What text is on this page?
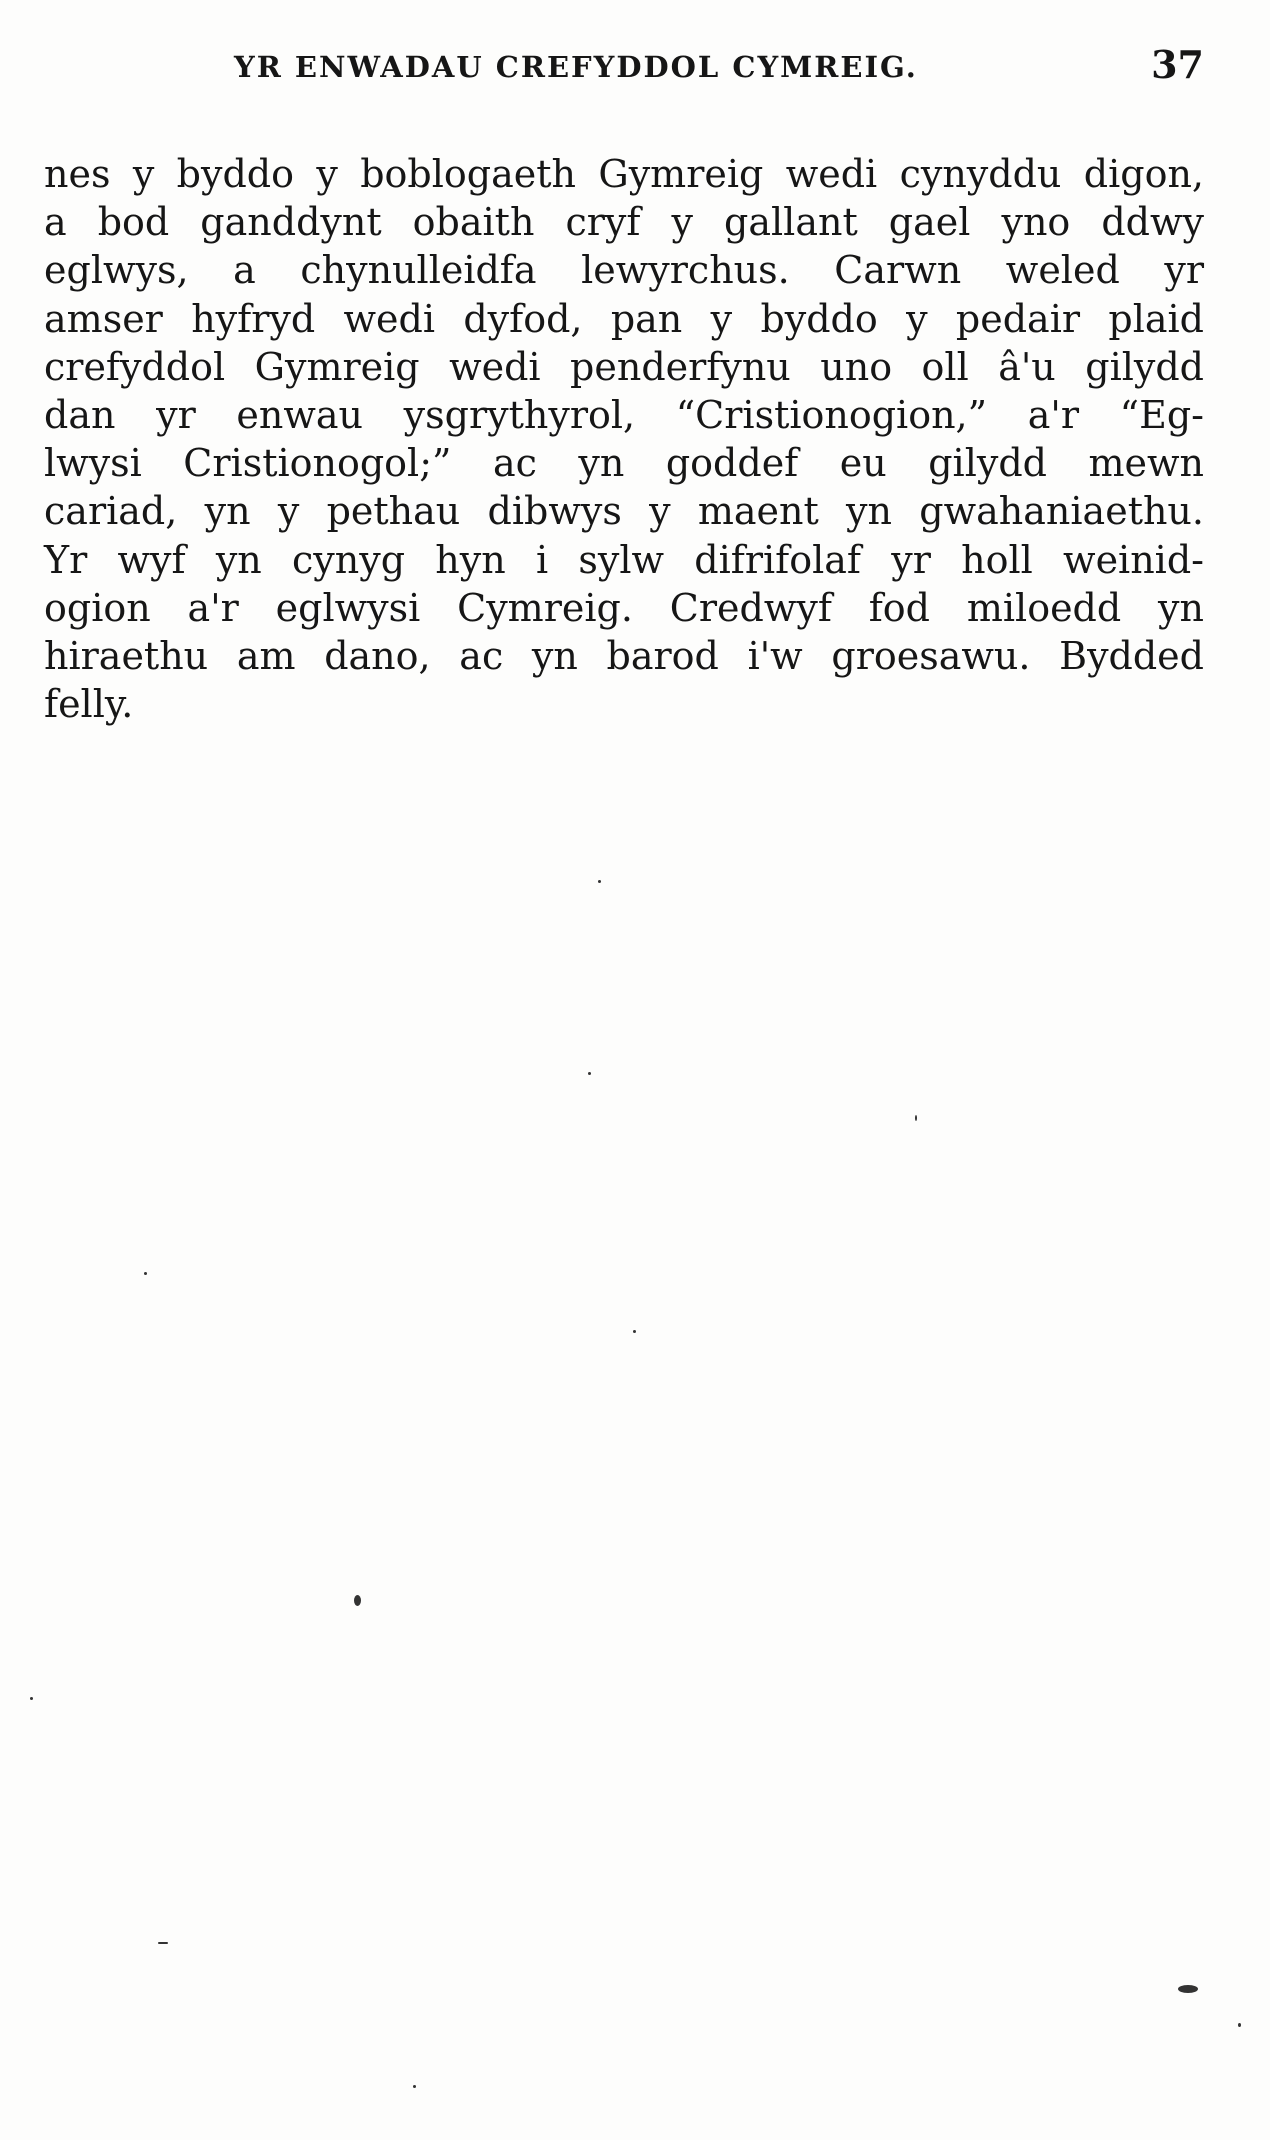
YR ENWADAU CREFYDDOL CYMREIG.	37
nes y byddo y boblogaeth Gymreig wedi cynyddu digon,
a bod ganddynt obaith cryf y gallant gael yno ddwy
eglwys, a chynulleidfa lewyrchus. Carwn weled yr
amser hyfryd wedi dyfod, pan y byddo y pedair plaid
crefyddol Gymreig wedi penderfynu uno oll â'u gilydd
dan yr enwau ysgrythyrol, “Cristionogion,” a'r “Eg-
lwysi Cristionogol;” ac yn goddef eu gilydd mewn
cariad, yn y pethau dibwys y maent yn gwahaniaethu.
Yr wyf yn cynyg hyn i sylw difrifolaf yr holl weinid-
ogion a'r eglwysi Cymreig. Credwyf fod miloedd yn
hiraethu am dano, ac yn barod i'w groesawu. Bydded
felly.
